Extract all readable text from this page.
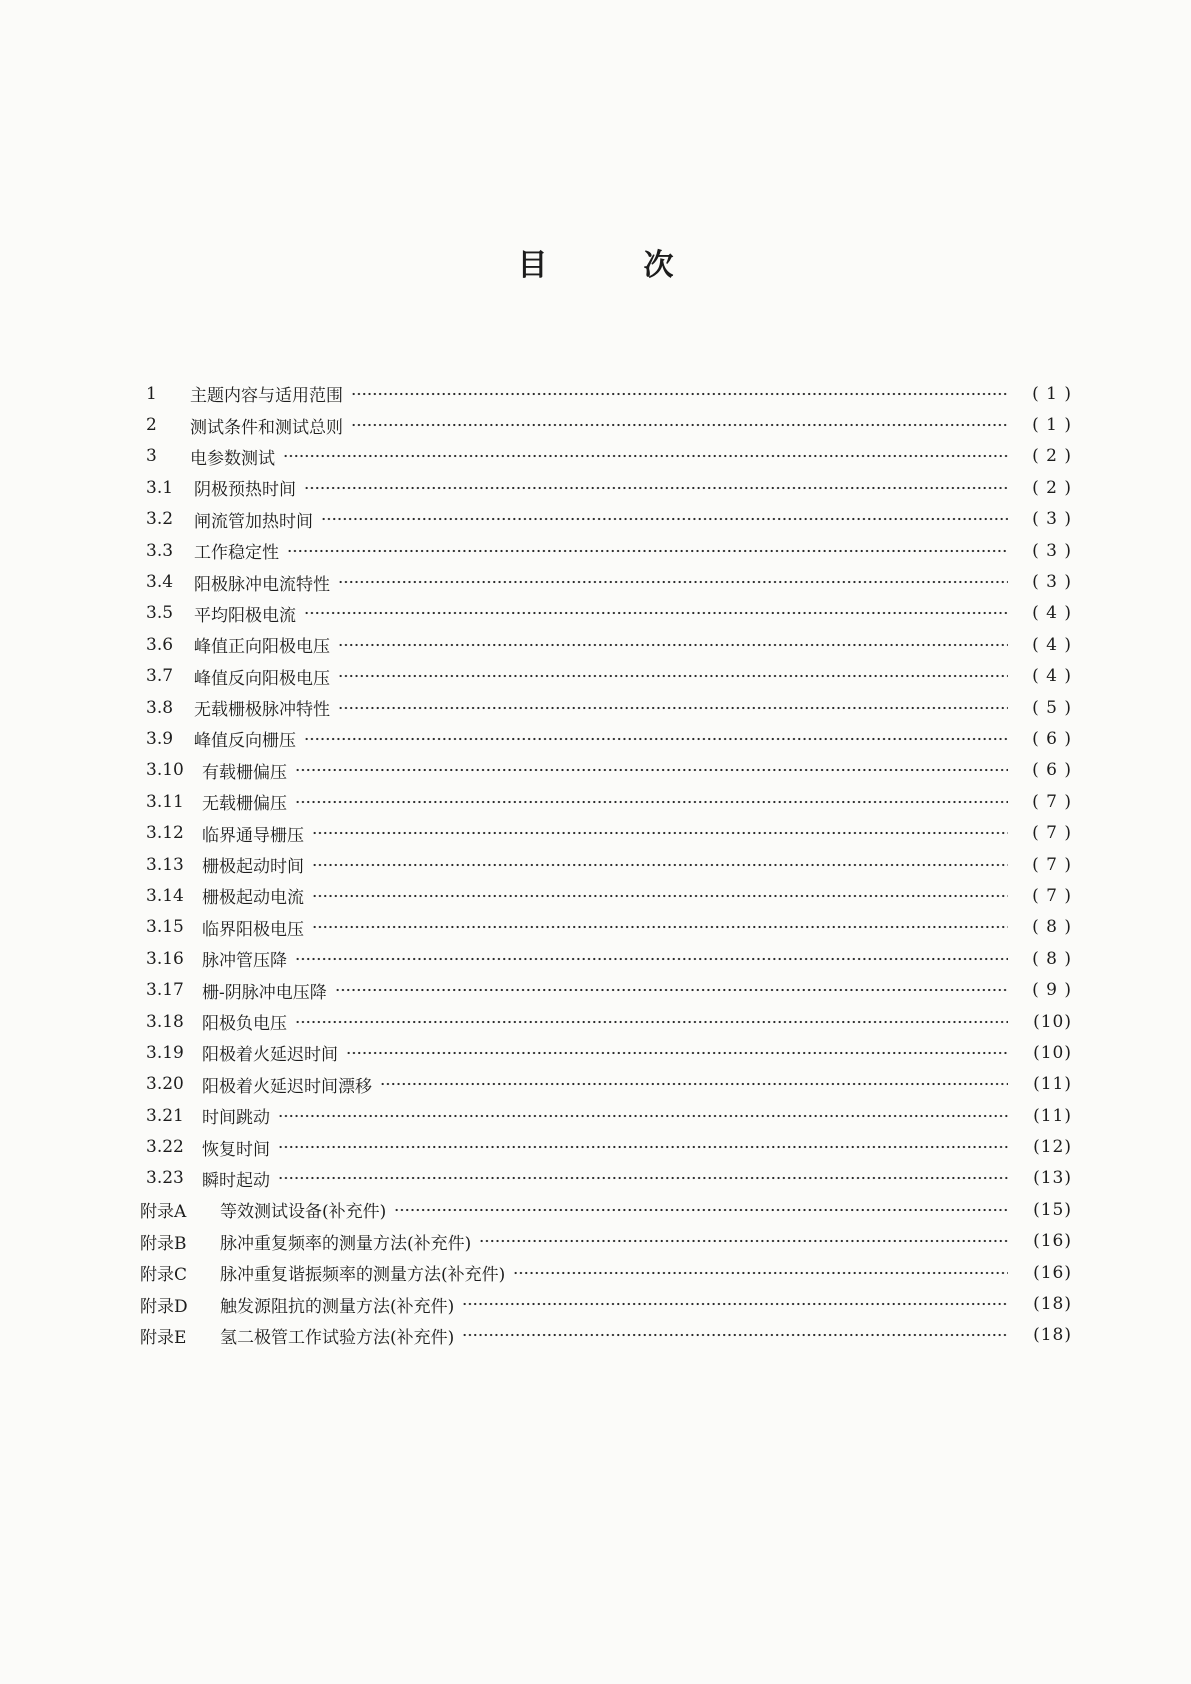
目	次
1	主题内容与适用范围	( 1 )
2	测试条件和测试总则	( 1 )
3	电参数测试	( 2 )
3.1	阴极预热时间	( 2 )
3.2	闸流管加热时间	( 3 )
3.3	工作稳定性	( 3 )
3.4	阳极脉冲电流特性	( 3 )
3.5	平均阳极电流	( 4 )
3.6	峰值正向阳极电压	( 4 )
3.7	峰值反向阳极电压	( 4 )
3.8	无载栅极脉冲特性	( 5 )
3.9	峰值反向栅压	( 6 )
3.10	有载栅偏压	( 6 )
3.11	无载栅偏压	( 7 )
3.12	临界通导栅压	( 7 )
3.13	栅极起动时间	( 7 )
3.14	栅极起动电流	( 7 )
3.15	临界阳极电压	( 8 )
3.16	脉冲管压降	( 8 )
3.17	栅-阴脉冲电压降	( 9 )
3.18	阳极负电压	(10)
3.19	阳极着火延迟时间	(10)
3.20	阳极着火延迟时间漂移	(11)
3.21	时间跳动	(11)
3.22	恢复时间	(12)
3.23	瞬时起动	(13)
附录A	等效测试设备(补充件)	(15)
附录B	脉冲重复频率的测量方法(补充件)	(16)
附录C	脉冲重复谐振频率的测量方法(补充件)	(16)
附录D	触发源阻抗的测量方法(补充件)	(18)
附录E	氢二极管工作试验方法(补充件)	(18)
